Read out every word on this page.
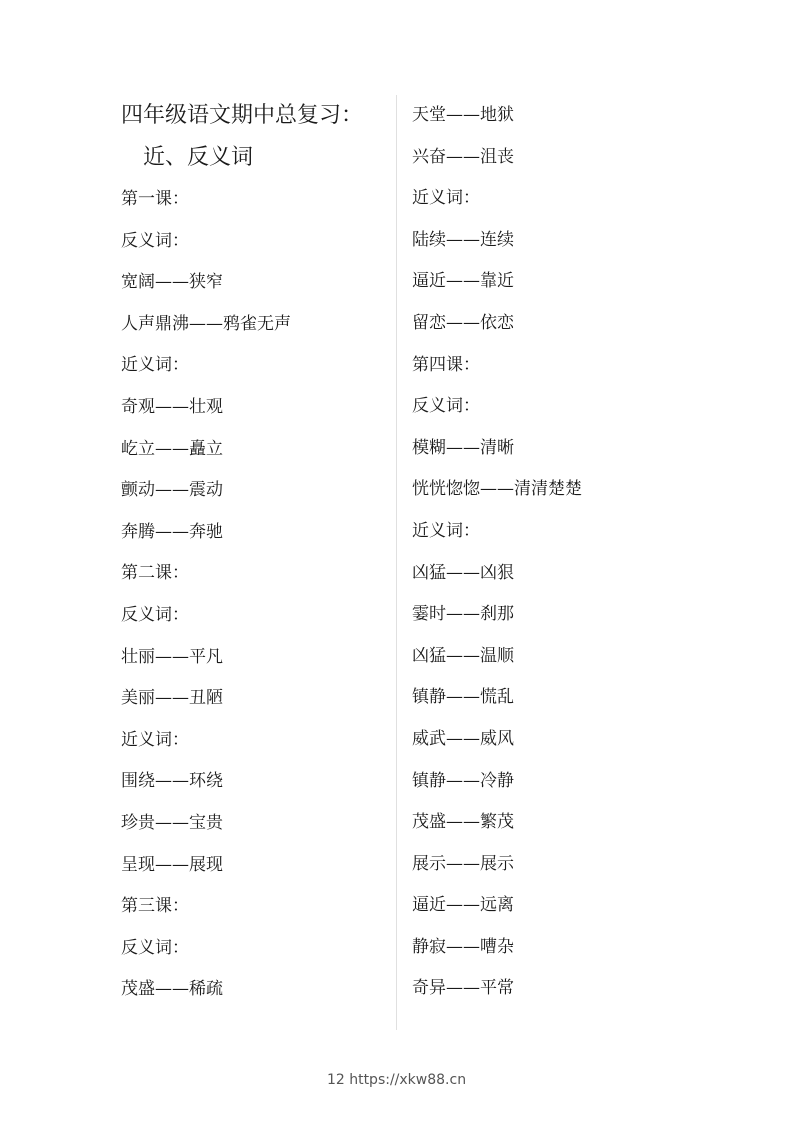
四年级语文期中总复习：
近、反义词
第一课：
反义词：
宽阔——狭窄
人声鼎沸——鸦雀无声
近义词：
奇观——壮观
屹立——矗立
颤动——震动
奔腾——奔驰
第二课：
反义词：
壮丽——平凡
美丽——丑陋
近义词：
围绕——环绕
珍贵——宝贵
呈现——展现
第三课：
反义词：
茂盛——稀疏
天堂——地狱
兴奋——沮丧
近义词：
陆续——连续
逼近——靠近
留恋——依恋
第四课：
反义词：
模糊——清晰
恍恍惚惚——清清楚楚
近义词：
凶猛——凶狠
霎时——刹那
凶猛——温顺
镇静——慌乱
威武——威风
镇静——冷静
茂盛——繁茂
展示——展示
逼近——远离
静寂——嘈杂
奇异——平常
12 https://xkw88.cn
